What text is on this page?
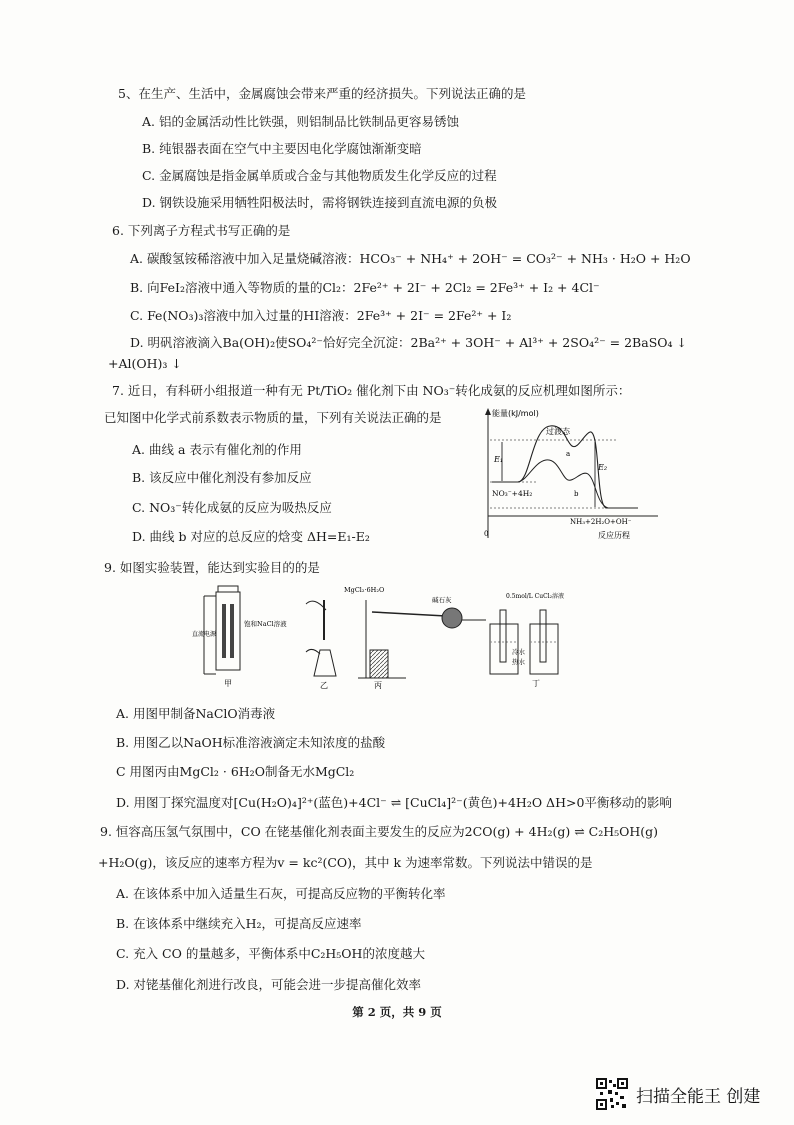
5、在生产、生活中，金属腐蚀会带来严重的经济损失。下列说法正确的是
A. 铝的金属活动性比铁强，则铝制品比铁制品更容易锈蚀
B. 纯银器表面在空气中主要因电化学腐蚀渐渐变暗
C. 金属腐蚀是指金属单质或合金与其他物质发生化学反应的过程
D. 钢铁设施采用牺牲阳极法时，需将钢铁连接到直流电源的负极
6. 下列离子方程式书写正确的是
A. 碳酸氢铵稀溶液中加入足量烧碱溶液：HCO₃⁻ + NH₄⁺ + 2OH⁻ = CO₃²⁻ + NH₃ · H₂O + H₂O
B. 向FeI₂溶液中通入等物质的量的Cl₂：2Fe²⁺ + 2I⁻ + 2Cl₂ = 2Fe³⁺ + I₂ + 4Cl⁻
C. Fe(NO₃)₃溶液中加入过量的HI溶液：2Fe³⁺ + 2I⁻ = 2Fe²⁺ + I₂
D. 明矾溶液滴入Ba(OH)₂使SO₄²⁻恰好完全沉淀：2Ba²⁺ + 3OH⁻ + Al³⁺ + 2SO₄²⁻ = 2BaSO₄ ↓
+Al(OH)₃ ↓
7. 近日，有科研小组报道一种有无 Pt/TiO₂ 催化剂下由 NO₃⁻转化成氨的反应机理如图所示：
已知图中化学式前系数表示物质的量，下列有关说法正确的是
A. 曲线 a 表示有催化剂的作用
B. 该反应中催化剂没有参加反应
C. NO₃⁻转化成氨的反应为吸热反应
D. 曲线 b 对应的总反应的焓变 ΔH=E₁-E₂
能量(kJ/mol)
过渡态
E₁
E₂
a
b
NO₃⁻+4H₂
NH₃+2H₂O+OH⁻
0	反应历程
9. 如图实验装置，能达到实验目的的是
直流电源
饱和NaCl溶液
甲	乙
MgCl₂·6H₂O
碱石灰
丙
0.5mol/L CuCl₂溶液
冷水
热水
丁
A. 用图甲制备NaClO消毒液
B. 用图乙以NaOH标准溶液滴定未知浓度的盐酸
C 用图丙由MgCl₂ · 6H₂O制备无水MgCl₂
D. 用图丁探究温度对[Cu(H₂O)₄]²⁺(蓝色)+4Cl⁻ ⇌ [CuCl₄]²⁻(黄色)+4H₂O ΔH>0平衡移动的影响
9. 恒容高压氢气氛围中，CO 在铑基催化剂表面主要发生的反应为2CO(g) + 4H₂(g) ⇌ C₂H₅OH(g)
+H₂O(g)，该反应的速率方程为v = kc²(CO)，其中 k 为速率常数。下列说法中错误的是
A. 在该体系中加入适量生石灰，可提高反应物的平衡转化率
B. 在该体系中继续充入H₂，可提高反应速率
C. 充入 CO 的量越多，平衡体系中C₂H₅OH的浓度越大
D. 对铑基催化剂进行改良，可能会进一步提高催化效率
第 2 页，共 9 页
扫描全能王 创建
